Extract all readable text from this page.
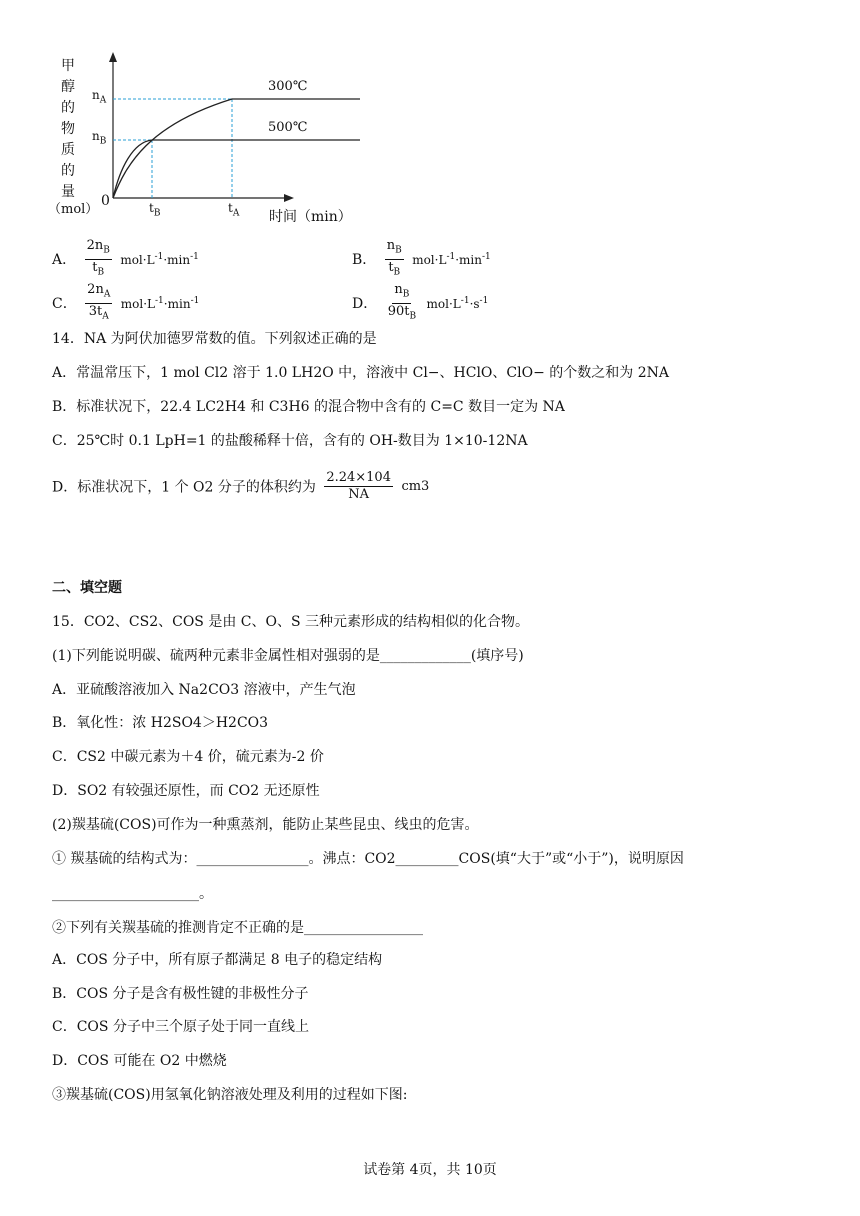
甲醇的物质的量
（mol）
$n_A$
$n_B$
0	$t_B$	$t_A$ 时间（min）
300℃
500℃
A． $\frac{2n_B}{t_B} mol\cdot L^{-1}\cdot\min^{-1}$	B． $\frac{n_B}{t_B} mol\cdot L^{-1}\cdot\min^{-1}$
C． $\frac{2n_A}{3t_A} mol\cdot L^{-1}\cdot\min^{-1}$	D． $\frac{n_B}{90t_B} mol\cdot L^{-1}\cdot s^{-1}$
14．NA 为阿伏加德罗常数的值。下列叙述正确的是
A．常温常压下，1 mol Cl2 溶于 1.0 LH2O 中，溶液中 Cl−、HClO、ClO− 的个数之和为 2NA
B．标准状况下，22.4 LC2H4 和 C3H6 的混合物中含有的 C=C 数目一定为 NA
C．25℃时 0.1 LpH=1 的盐酸稀释十倍，含有的 OH-数目为 1×10-12NA
D．标准状况下，1 个 O2 分子的体积约为 $\frac{2.24\times 104}{NA} cm3$
二、填空题
15．CO2、CS2、COS 是由 C、O、S 三种元素形成的结构相似的化合物。
(1)下列能说明碳、硫两种元素非金属性相对强弱的是_____________(填序号)
A．亚硫酸溶液加入 Na2CO3 溶液中，产生气泡
B．氧化性：浓 H2SO4＞H2CO3
C．CS2 中碳元素为＋4 价，硫元素为-2 价
D．SO2 有较强还原性，而 CO2 无还原性
(2)羰基硫(COS)可作为一种熏蒸剂，能防止某些昆虫、线虫的危害。
① 羰基硫的结构式为：________________。沸点：CO2_________COS(填“大于”或“小于”)，说明原因
_____________________。
②下列有关羰基硫的推测肯定不正确的是_________________
A．COS 分子中，所有原子都满足 8 电子的稳定结构
B．COS 分子是含有极性键的非极性分子
C．COS 分子中三个原子处于同一直线上
D．COS 可能在 O2 中燃烧
③羰基硫(COS)用氢氧化钠溶液处理及利用的过程如下图:
试卷第 4页，共 10页
